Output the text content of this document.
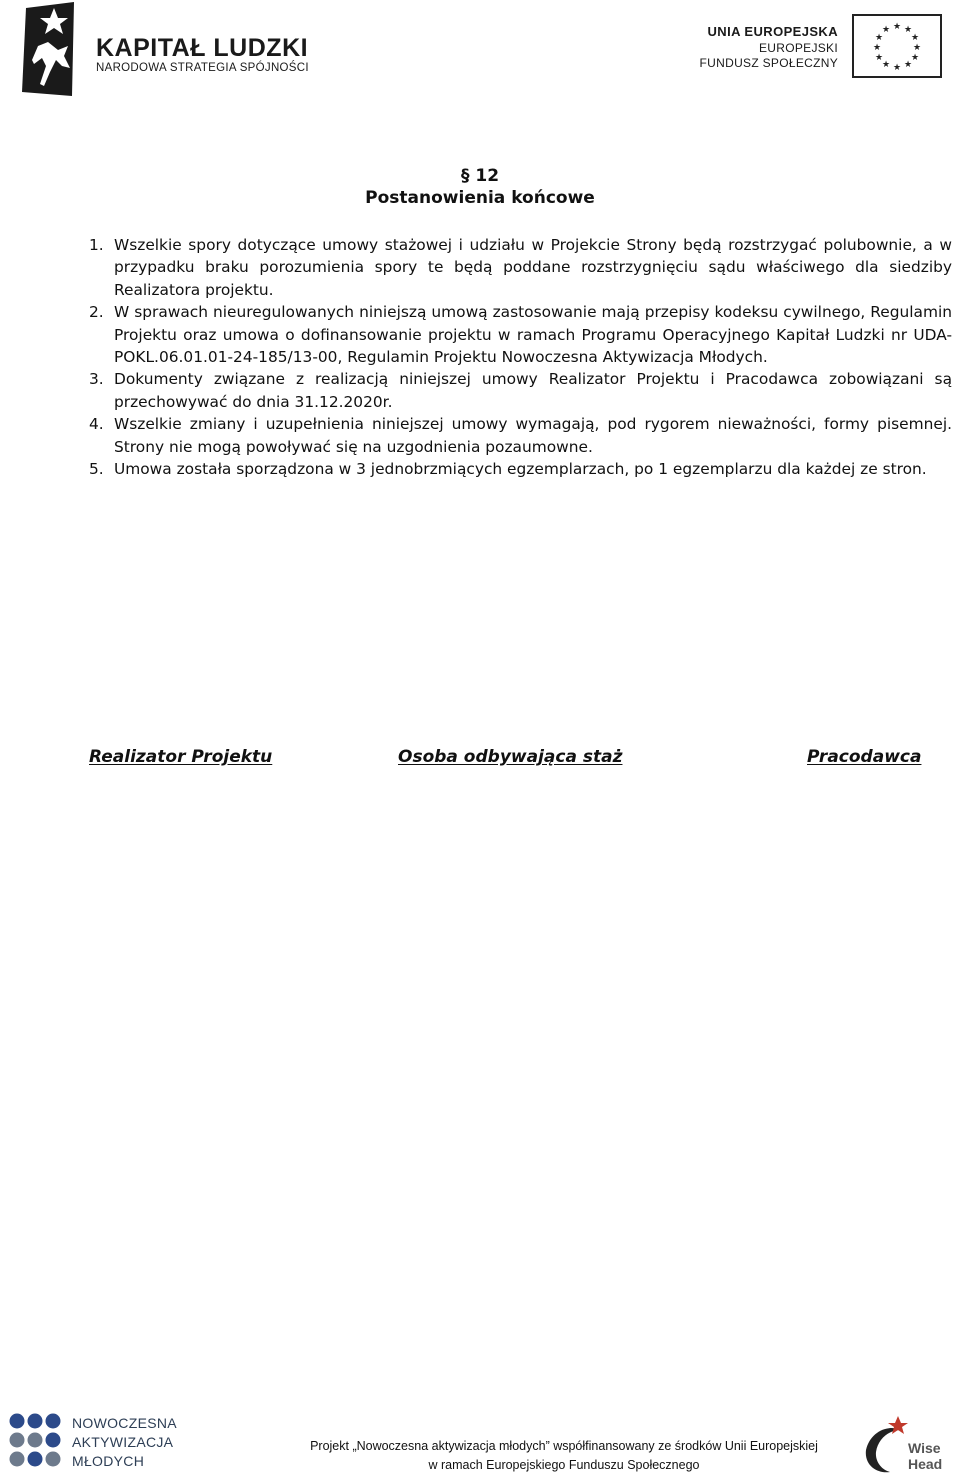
KAPITAŁ LUDZKI
NARODOWA STRATEGIA SPÓJNOŚCI
UNIA EUROPEJSKA
EUROPEJSKI
FUNDUSZ SPOŁECZNY
★ ★
★
★
★
★
★
★
★
★
★
★
§ 12
Postanowienia końcowe
1. Wszelkie spory dotyczące umowy stażowej i udziału w Projekcie Strony będą rozstrzygać polubownie, a w przypadku braku porozumienia spory te będą poddane rozstrzygnięciu sądu właściwego dla siedziby Realizatora projektu.
2. W sprawach nieuregulowanych niniejszą umową zastosowanie mają przepisy kodeksu cywilnego, Regulamin Projektu oraz umowa o dofinansowanie projektu w ramach Programu Operacyjnego Kapitał Ludzki nr UDA-POKL.06.01.01-24-185/13-00, Regulamin Projektu Nowoczesna Aktywizacja Młodych.
3. Dokumenty związane z realizacją niniejszej umowy Realizator Projektu i Pracodawca zobowiązani są przechowywać do dnia 31.12.2020r.
4. Wszelkie zmiany i uzupełnienia niniejszej umowy wymagają, pod rygorem nieważności, formy pisemnej. Strony nie mogą powoływać się na uzgodnienia pozaumowne.
5. Umowa została sporządzona w 3 jednobrzmiących egzemplarzach, po 1 egzemplarzu dla każdej ze stron.
Realizator Projektu	Osoba odbywająca staż	Pracodawca
NOWOCZESNA
AKTYWIZACJA
MŁODYCH
Projekt „Nowoczesna aktywizacja młodych” współfinansowany ze środków Unii Europejskiej
w ramach Europejskiego Funduszu Społecznego
Wise
Head
